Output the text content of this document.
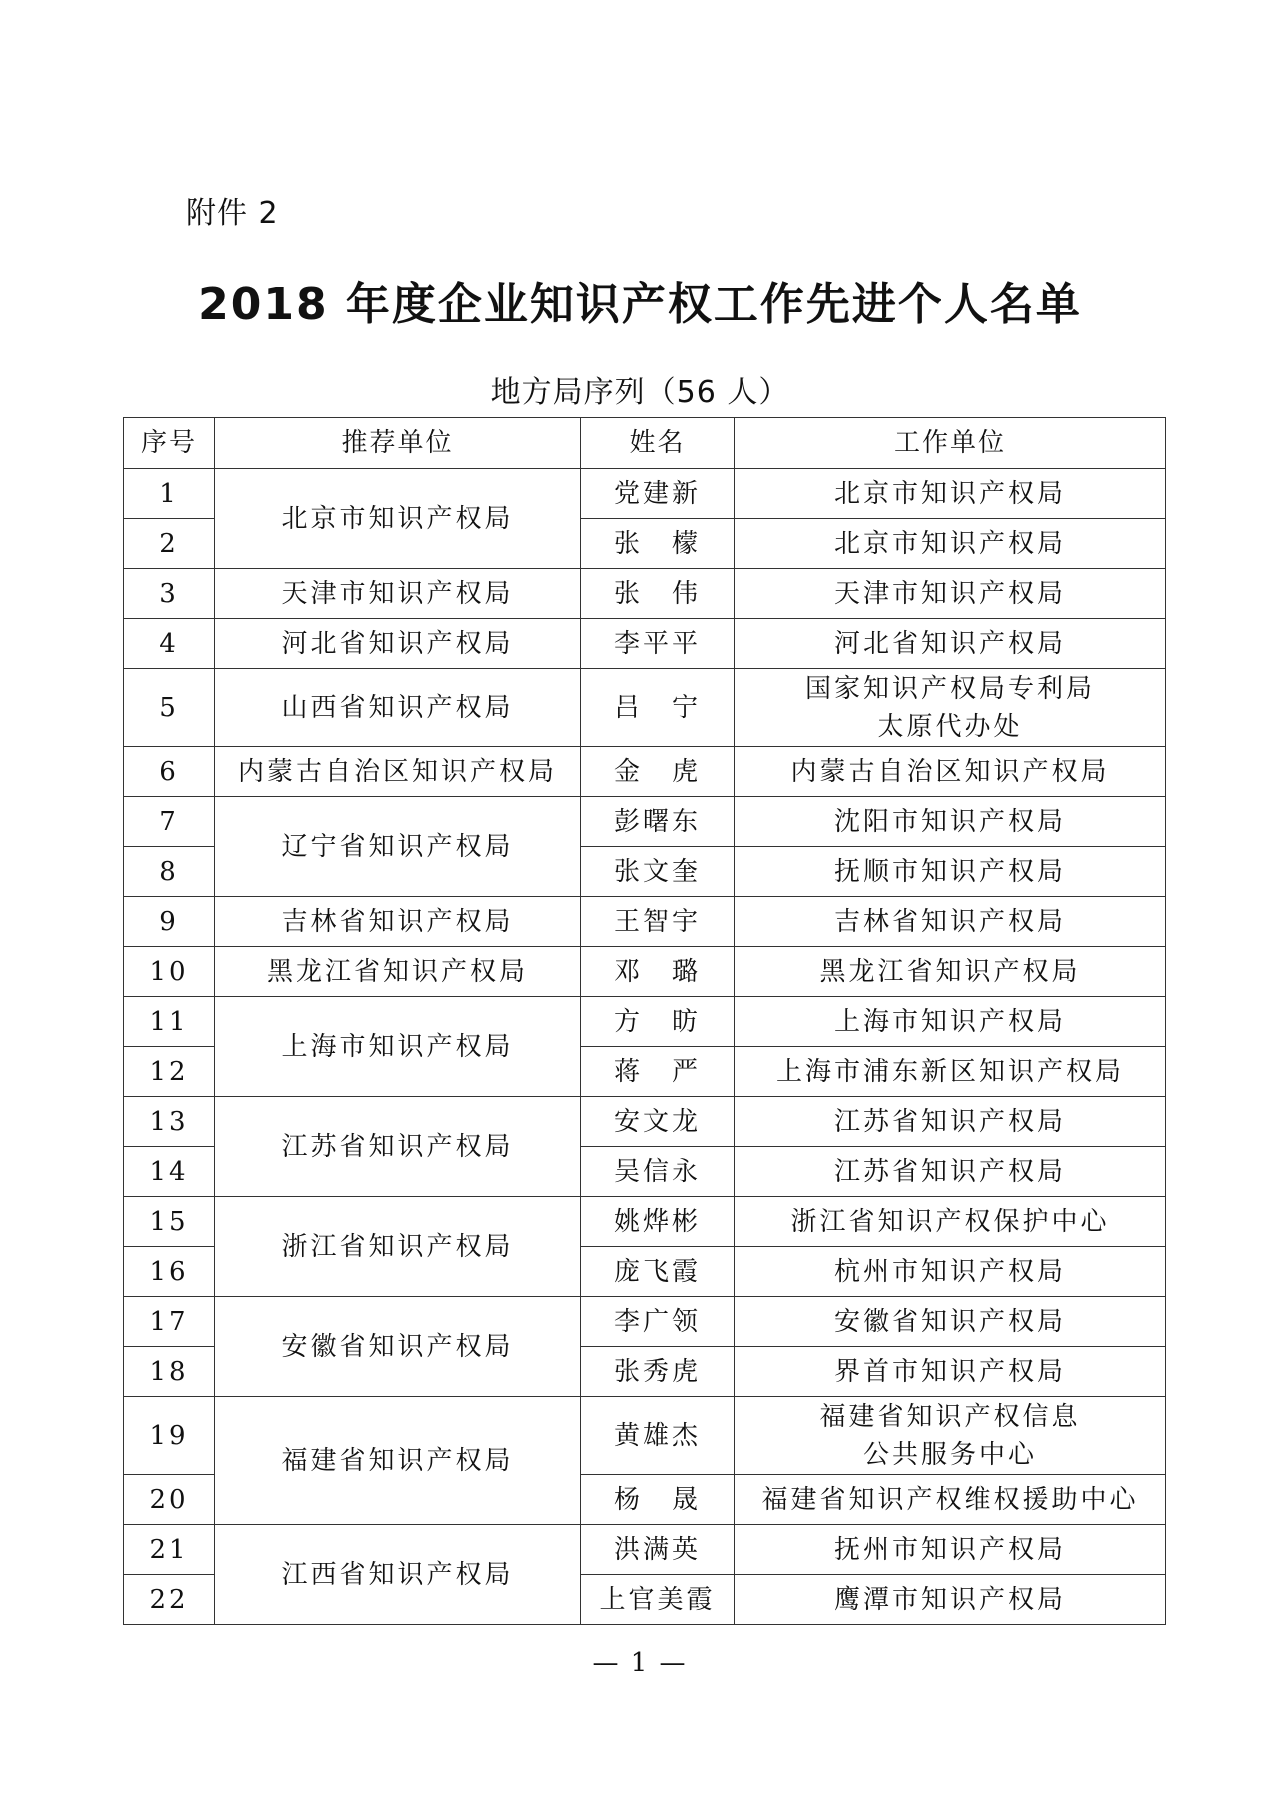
附件 2
2018 年度企业知识产权工作先进个人名单
地方局序列（56 人）
序号	推荐单位	姓名	工作单位
1	北京市知识产权局	党建新	北京市知识产权局

2		张　檬	北京市知识产权局

3	天津市知识产权局	张　伟	天津市知识产权局

4	河北省知识产权局	李平平	河北省知识产权局

5	山西省知识产权局	吕　宁	国家知识产权局专利局
太原代办处

6	内蒙古自治区知识产权局	金　虎	内蒙古自治区知识产权局

7	辽宁省知识产权局	彭曙东	沈阳市知识产权局

8		张文奎	抚顺市知识产权局

9	吉林省知识产权局	王智宇	吉林省知识产权局

10	黑龙江省知识产权局	邓　璐	黑龙江省知识产权局

11	上海市知识产权局	方　昉	上海市知识产权局

12		蒋　严	上海市浦东新区知识产权局

13	江苏省知识产权局	安文龙	江苏省知识产权局

14		吴信永	江苏省知识产权局

15	浙江省知识产权局	姚烨彬	浙江省知识产权保护中心

16		庞飞霞	杭州市知识产权局

17	安徽省知识产权局	李广领	安徽省知识产权局

18		张秀虎	界首市知识产权局

19	福建省知识产权局	黄雄杰	福建省知识产权信息
公共服务中心

20		杨　晟	福建省知识产权维权援助中心

21	江西省知识产权局	洪满英	抚州市知识产权局

22		上官美霞	鹰潭市知识产权局
— 1 —
